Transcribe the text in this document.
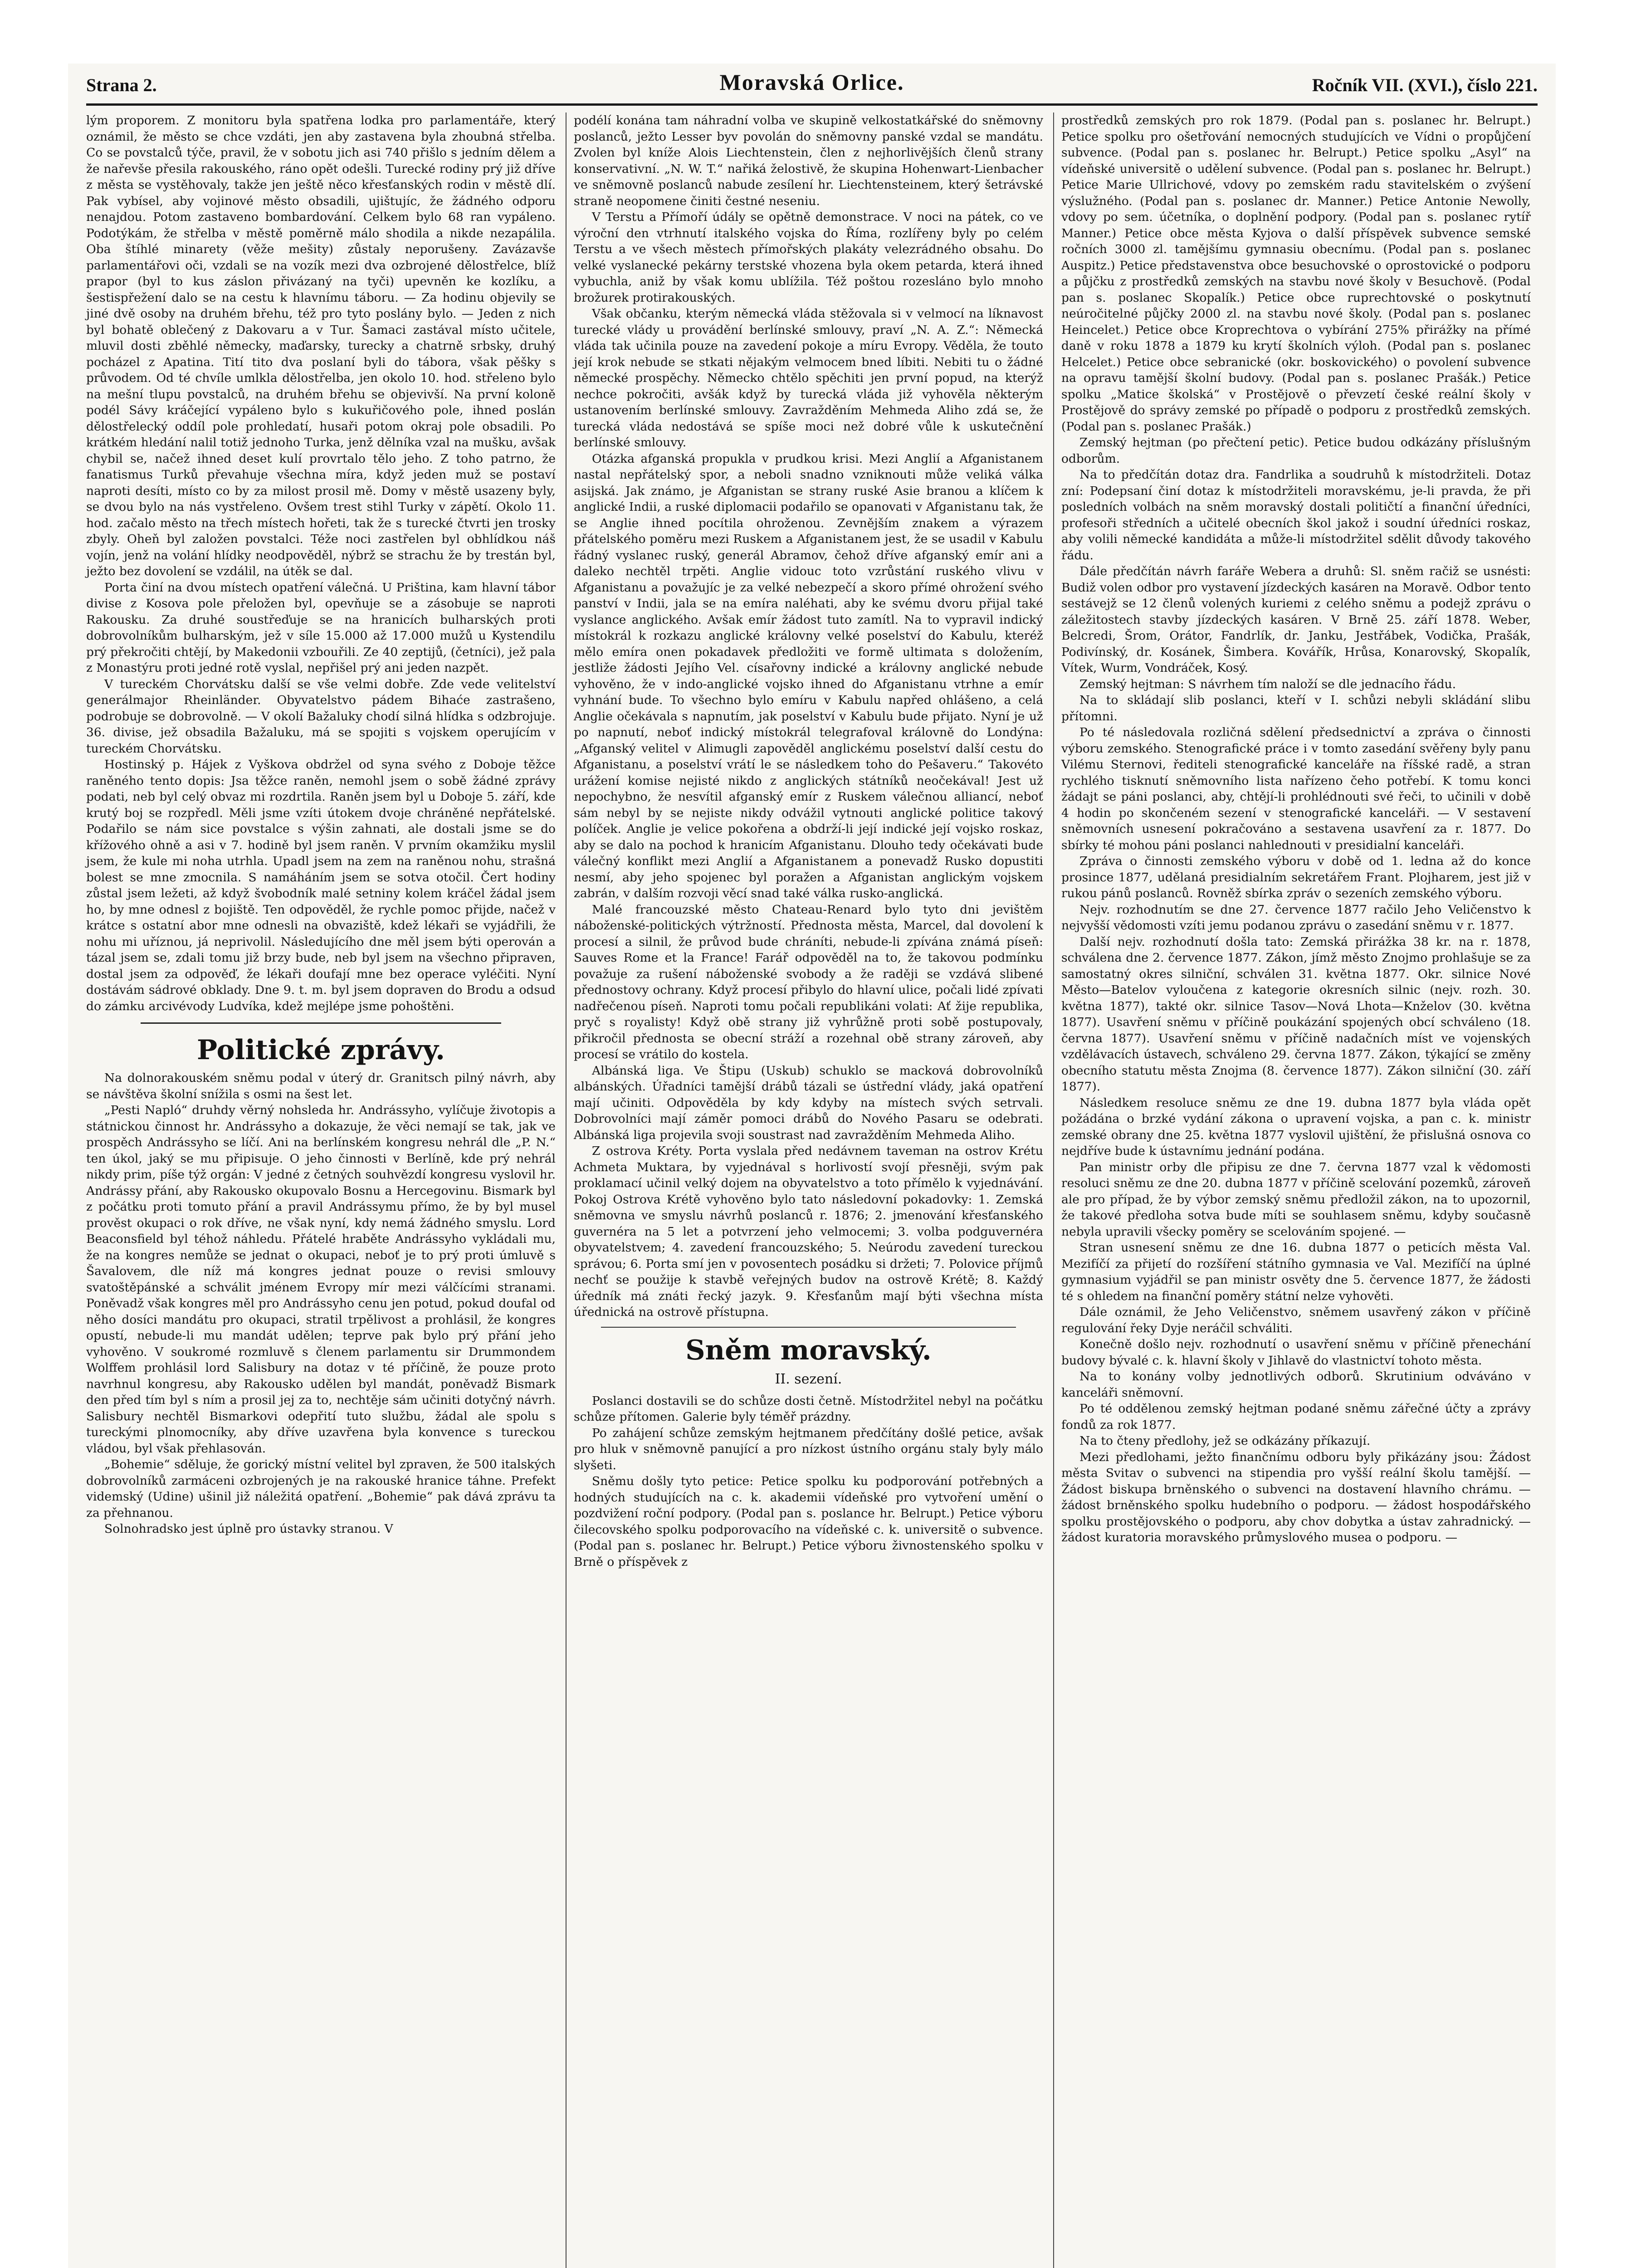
Strana 2.	Moravská Orlice.	Ročník VII. (XVI.), číslo 221.

lým proporem. Z monitoru byla spatřena lodka pro parlamentáře, který oznámil, že město se chce vzdáti, jen aby zastavena byla zhoubná střelba. Co se povstalců týče, pravil, že v sobotu jich asi 740 přišlo s jedním dělem a že nařevše přesila rakouského, ráno opět odešli. Turecké rodiny prý již dříve z města se vystěhovaly, takže jen ještě něco křesťanských rodin v městě dlí. Pak vybísel, aby vojinové město obsadili, ujištujíc, že žádného odporu nenajdou. Potom zastaveno bombardování. Celkem bylo 68 ran vypáleno. Podotýkám, že střelba v městě poměrně málo shodila a nikde nezapálila. Oba štíhlé minarety (věže mešity) zůstaly neporušeny. Zavázavše parlamentářovi oči, vzdali se na vozík mezi dva ozbrojené dělostřelce, blíž prapor (byl to kus záslon přivázaný na tyči) upevněn ke kozlíku, a šestispřežení dalo se na cestu k hlavnímu táboru. — Za hodinu objevily se jiné dvě osoby na druhém břehu, též pro tyto poslány bylo. — Jeden z nich byl bohatě oblečený z Dakovaru a v Tur. Šamaci zastával místo učitele, mluvil dosti zběhlé německy, maďarsky, turecky a chatrně srbsky, druhý pocházel z Apatina. Tití tito dva poslaní byli do tábora, však pěšky s průvodem. Od té chvíle umlkla dělostřelba, jen okolo 10. hod. střeleno bylo na mešní tlupu povstalců, na druhém břehu se objevivší. Na první koloně podél Sávy kráčející vypáleno bylo s kukuřičového pole, ihned poslán dělostřelecký oddíl pole prohledatí, husaři potom okraj pole obsadili. Po krátkém hledání nalil totiž jednoho Turka, jenž dělníka vzal na mušku, avšak chybil se, načež ihned deset kulí provrtalo tělo jeho. Z toho patrno, že fanatismus Turků převahuje všechna míra, když jeden muž se postaví naproti desíti, místo co by za milost prosil mě. Domy v městě usazeny byly, se dvou bylo na nás vystřeleno. Ovšem trest stihl Turky v zápětí. Okolo 11. hod. začalo město na třech místech hořeti, tak že s turecké čtvrti jen trosky zbyly. Oheň byl založen povstalci. Téže noci zastřelen byl obhlídkou náš vojín, jenž na volání hlídky neodpověděl, nýbrž se strachu že by trestán byl, ježto bez dovolení se vzdálil, na útěk se dal.

Porta činí na dvou místech opatření válečná. U Priština, kam hlavní tábor divise z Kosova pole přeložen byl, opevňuje se a zásobuje se naproti Rakousku. Za druhé soustřeďuje se na hranicích bulharských proti dobrovolníkům bulharským, jež v síle 15.000 až 17.000 mužů u Kystendilu prý překročiti chtějí, by Makedonii vzbouřili. Ze 40 zeptijů, (četníci), jež pala z Monastýru proti jedné rotě vyslal, nepřišel prý ani jeden nazpět.

V tureckém Chorvátsku další se vše velmi dobře. Zde vede velitelství generálmajor Rheinländer. Obyvatelstvo pádem Bihaće zastrašeno, podrobuje se dobrovolně. — V okolí Bažaluky chodí silná hlídka s odzbrojuje. 36. divise, jež obsadila Bažaluku, má se spojiti s vojskem operujícím v tureckém Chorvátsku.

Hostinský p. Hájek z Vyškova obdržel od syna svého z Doboje těžce raněného tento dopis: Jsa těžce raněn, nemohl jsem o sobě žádné zprávy podati, neb byl celý obvaz mi rozdrtila. Raněn jsem byl u Doboje 5. září, kde krutý boj se rozpředl. Měli jsme vzíti útokem dvoje chráněné nepřátelské. Podařilo se nám sice povstalce s výšin zahnati, ale dostali jsme se do křížového ohně a asi v 7. hodině byl jsem raněn. V prvním okamžiku myslil jsem, že kule mi noha utrhla. Upadl jsem na zem na raněnou nohu, strašná bolest se mne zmocnila. S namáháním jsem se sotva otočil. Čert hodiny zůstal jsem ležeti, až když švobodník malé setniny kolem kráčel žádal jsem ho, by mne odnesl z bojiště. Ten odpověděl, že rychle pomoc přijde, načež v krátce s ostatní abor mne odnesli na obvaziště, kdež lékaři se vyjádřili, že nohu mi uříznou, já neprivolil. Následujícího dne měl jsem býti operován a tázal jsem se, zdali tomu již brzy bude, neb byl jsem na všechno připraven, dostal jsem za odpověď, že lékaři doufají mne bez operace vyléčiti. Nyní dostávám sádrové obklady. Dne 9. t. m. byl jsem dopraven do Brodu a odsud do zámku arcivévody Ludvíka, kdež mejlépe jsme pohoštěni.

Politické zprávy.

Na dolnorakouském sněmu podal v úterý dr. Granitsch pilný návrh, aby se návštěva školní snížila s osmi na šest let.

„Pesti Napló“ druhdy věrný nohsleda hr. Andrássyho, vylíčuje životopis a státnickou činnost hr. Andrássyho a dokazuje, že věci nemají se tak, jak ve prospěch Andrássyho se líčí. Ani na berlínském kongresu nehrál dle „P. N.“ ten úkol, jaký se mu připisuje. O jeho činnosti v Berlíně, kde prý nehrál nikdy prim, píše týž orgán: V jedné z četných souhvězdí kongresu vyslovil hr. Andrássy přání, aby Rakousko okupovalo Bosnu a Hercegovinu. Bismark byl z počátku proti tomuto přání a pravil Andrássymu přímo, že by byl musel prověst okupaci o rok dříve, ne však nyní, kdy nemá žádného smyslu. Lord Beaconsfield byl téhož náhledu. Přátelé hraběte Andrássyho vykládali mu, že na kongres nemůže se jednat o okupaci, neboť je to prý proti úmluvě s Šavalovem, dle níž má kongres jednat pouze o revisi smlouvy svatoštěpánské a schválit jménem Evropy mír mezi válčícími stranami. Poněvadž však kongres měl pro Andrássyho cenu jen potud, pokud doufal od něho dosíci mandátu pro okupaci, stratil trpělivost a prohlásil, že kongres opustí, nebude-li mu mandát udělen; teprve pak bylo prý přání jeho vyhověno. V soukromé rozmluvě s členem parlamentu sir Drummondem Wolffem prohlásil lord Salisbury na dotaz v té příčině, že pouze proto navrhnul kongresu, aby Rakousko udělen byl mandát, poněvadž Bismark den před tím byl s ním a prosil jej za to, nechtěje sám učiniti dotyčný návrh. Salisbury nechtěl Bismarkovi odepřití tuto službu, žádal ale spolu s tureckými plnomocníky, aby dříve uzavřena byla konvence s tureckou vládou, byl však přehlasován.

„Bohemie“ sděluje, že gorický místní velitel byl zpraven, že 500 italských dobrovolníků zarmáceni ozbrojených je na rakouské hranice táhne. Prefekt videmský (Udine) ušinil již náležitá opatření. „Bohemie“ pak dává zprávu ta za přehnanou.

Solnohradsko jest úplně pro ústavky stranou. V

podélí konána tam náhradní volba ve skupině velkostatkářské do sněmovny poslanců, ježto Lesser byv povolán do sněmovny panské vzdal se mandátu. Zvolen byl kníže Alois Liechtenstein, člen z nejhorlivějších členů strany konservativní. „N. W. T.“ nařiká želostivě, že skupina Hohenwart-Lienbacher ve sněmovně poslanců nabude zesílení hr. Liechtensteinem, který šetrávské straně neopomene činiti čestné neseniu.

V Terstu a Přímoří údály se opětně demonstrace. V noci na pátek, co ve výroční den vtrhnutí italského vojska do Říma, rozlířeny byly po celém Terstu a ve všech městech přímořských plakáty velezrádného obsahu. Do velké vyslanecké pekárny terstské vhozena byla okem petarda, která ihned vybuchla, aniž by však komu ublížila. Též poštou rozesláno bylo mnoho brožurek protirakouských.

Však občanku, kterým německá vláda stěžovala si v velmocí na líknavost turecké vlády u provádění berlínské smlouvy, praví „N. A. Z.“: Německá vláda tak učinila pouze na zavedení pokoje a míru Evropy. Věděla, že touto její krok nebude se stkati nějakým velmocem bned líbiti. Nebiti tu o žádné německé prospěchy. Německo chtělo spěchiti jen první popud, na kterýž nechce pokročiti, avšák když by turecká vláda již vyhověla některým ustanovením berlínské smlouvy. Zavražděním Mehmeda Aliho zdá se, že turecká vláda nedostává se spíše moci než dobré vůle k uskutečnění berlínské smlouvy.

Otázka afganská propukla v prudkou krisi. Mezi Anglií a Afganistanem nastal nepřátelský spor, a neboli snadno vzniknouti může veliká válka asijská. Jak známo, je Afganistan se strany ruské Asie branou a klíčem k anglické Indii, a ruské diplomacii podařilo se opanovati v Afganistanu tak, že se Anglie ihned pocítila ohroženou. Zevnějším znakem a výrazem přátelského poměru mezi Ruskem a Afganistanem jest, že se usadil v Kabulu řádný vyslanec ruský, generál Abramov, čehož dříve afganský emír ani a daleko nechtěl trpěti. Anglie vidouc toto vzrůstání ruského vlivu v Afganistanu a považujíc je za velké nebezpečí a skoro přímé ohrožení svého panství v Indii, jala se na emíra naléhati, aby ke svému dvoru přijal také vyslance anglického. Avšak emír žádost tuto zamítl. Na to vypravil indický místokrál k rozkazu anglické královny velké poselství do Kabulu, kteréž mělo emíra onen pokadavek předložiti ve formě ultimata s doložením, jestliže žádosti Jejího Vel. císařovny indické a královny anglické nebude vyhověno, že v indo-anglické vojsko ihned do Afganistanu vtrhne a emír vyhnání bude. To všechno bylo emíru v Kabulu napřed ohlášeno, a celá Anglie očekávala s napnutím, jak poselství v Kabulu bude přijato. Nyní je už po napnutí, neboť indický místokrál telegrafoval královně do Londýna: „Afganský velitel v Alimugli zapověděl anglickému poselství další cestu do Afganistanu, a poselství vrátí le se následkem toho do Pešaveru.“ Takovéto urážení komise nejisté nikdo z anglických státníků neočekával! Jest už nepochybno, že nesvítil afganský emír z Ruskem válečnou alliancí, neboť sám nebyl by se nejiste nikdy odvážil vytnouti anglické politice takový políček. Anglie je velice pokořena a obdrží-li její indické její vojsko roskaz, aby se dalo na pochod k hranicím Afganistanu. Dlouho tedy očekávati bude válečný konflikt mezi Anglií a Afganistanem a ponevadž Rusko dopustiti nesmí, aby jeho spojenec byl poražen a Afganistan anglickým vojskem zabrán, v dalším rozvoji věcí snad také válka rusko-anglická.

Malé francouzské město Chateau-Renard bylo tyto dni jevištěm náboženské-politických výtržností. Přednosta města, Marcel, dal dovolení k procesí a silnil, že průvod bude chráníti, nebude-li zpívána známá píseň: Sauves Rome et la France! Farář odpověděl na to, že takovou podmínku považuje za rušení náboženské svobody a že raději se vzdává slibené přednostovy ochrany. Když procesí přibylo do hlavní ulice, počali lidé zpívati nadřečenou píseň. Naproti tomu počali republikáni volati: Ať žije republika, pryč s royalisty! Když obě strany již vyhrůžně proti sobě postupovaly, přikročil přednosta se obecní stráží a rozehnal obě strany zároveň, aby procesí se vrátilo do kostela.

Albánská liga. Ve Štipu (Uskub) schuklo se macková dobrovolníků albánských. Úřadníci tamější drábů tázali se ústřední vlády, jaká opatření mají učiniti. Odpověděla by kdy kdyby na místech svých setrvali. Dobrovolníci mají záměr pomoci drábů do Nového Pasaru se odebrati. Albánská liga projevila svoji soustrast nad zavražděním Mehmeda Aliho.

Z ostrova Kréty. Porta vyslala před nedávnem taveman na ostrov Krétu Achmeta Muktara, by vyjednával s horlivostí svojí přesněji, svým pak proklamací učinil velký dojem na obyvatelstvo a toto přímělo k vyjednávání. Pokoj Ostrova Krétě vyhověno bylo tato následovní pokadovky: 1. Zemská sněmovna ve smyslu návrhů poslanců r. 1876; 2. jmenování křesťanského guvernéra na 5 let a potvrzení jeho velmocemi; 3. volba podguvernéra obyvatelstvem; 4. zavedení francouzského; 5. Neúrodu zavedení tureckou správou; 6. Porta smí jen v povosentech posádku si držeti; 7. Polovice příjmů nechť se použije k stavbě veřejných budov na ostrově Krétě; 8. Každý úředník má znáti řecký jazyk. 9. Křesťanům mají býti všechna místa úřednická na ostrově přístupna.

Sněm moravský.
II. sezení.

Poslanci dostavili se do schůze dosti četně. Místodržitel nebyl na počátku schůze přítomen. Galerie byly téměř prázdny.

Po zahájení schůze zemským hejtmanem předčítány došlé petice, avšak pro hluk v sněmovně panující a pro nízkost ústního orgánu staly byly málo slyšeti.

Sněmu došly tyto petice: Petice spolku ku podporování potřebných a hodných studujících na c. k. akademii vídeňské pro vytvoření umění o pozdvižení roční podpory. (Podal pan s. poslance hr. Belrupt.) Petice výboru čilecovského spolku podporovacího na vídeňské c. k. universitě o subvence. (Podal pan s. poslanec hr. Belrupt.) Petice výboru živnostenského spolku v Brně o příspěvek z

prostředků zemských pro rok 1879. (Podal pan s. poslanec hr. Belrupt.) Petice spolku pro ošetřování nemocných studujících ve Vídni o propůjčení subvence. (Podal pan s. poslanec hr. Belrupt.) Petice spolku „Asyl“ na vídeňské universitě o udělení subvence. (Podal pan s. poslanec hr. Belrupt.) Petice Marie Ullrichové, vdovy po zemském radu stavitelském o zvýšení výslužného. (Podal pan s. poslanec dr. Manner.) Petice Antonie Newolly, vdovy po sem. účetníka, o doplnění podpory. (Podal pan s. poslanec rytíř Manner.) Petice obce města Kyjova o další příspěvek subvence semské ročních 3000 zl. tamějšímu gymnasiu obecnímu. (Podal pan s. poslanec Auspitz.) Petice představenstva obce besuchovské o oprostovické o podporu a půjčku z prostředků zemských na stavbu nové školy v Besuchově. (Podal pan s. poslanec Skopalík.) Petice obce ruprechtovské o poskytnutí neúročitelné půjčky 2000 zl. na stavbu nové školy. (Podal pan s. poslanec Heincelet.) Petice obce Kroprechtova o vybírání 275% přirážky na přímé daně v roku 1878 a 1879 ku krytí školních výloh. (Podal pan s. poslanec Helcelet.) Petice obce sebranické (okr. boskovického) o povolení subvence na opravu tamější školní budovy. (Podal pan s. poslanec Prašák.) Petice spolku „Matice školská“ v Prostějově o převzetí české reální školy v Prostějově do správy zemské po případě o podporu z prostředků zemských. (Podal pan s. poslanec Prašák.)

Zemský hejtman (po přečtení petic). Petice budou odkázány příslušným odborům.

Na to předčítán dotaz dra. Fandrlika a soudruhů k místodržiteli. Dotaz zní: Podepsaní činí dotaz k místodržiteli moravskému, je-li pravda, že při posledních volbách na sněm moravský dostali političtí a finanční úředníci, profesoři středních a učitelé obecních škol jakož i soudní úředníci roskaz, aby volili německé kandidáta a může-li místodržitel sdělit důvody takového řádu.

Dále předčítán návrh faráře Webera a druhů: Sl. sněm račiž se usnésti: Budiž volen odbor pro vystavení jízdeckých kasáren na Moravě. Odbor tento sestávejž se 12 členů volených kuriemi z celého sněmu a podejž zprávu o záležitostech stavby jízdeckých kasáren. V Brně 25. září 1878. Weber, Belcredi, Šrom, Orátor, Fandrlík, dr. Janku, Jestřábek, Vodička, Prašák, Podivínský, dr. Kosánek, Šimbera. Kovářík, Hrůsa, Konarovský, Skopalík, Vítek, Wurm, Vondráček, Kosý.

Zemský hejtman: S návrhem tím naloží se dle jednacího řádu.

Na to skládají slib poslanci, kteří v I. schůzi nebyli skládání slibu přítomni.

Po té následovala rozličná sdělení předsednictví a zpráva o činnosti výboru zemského. Stenografické práce i v tomto zasedání svěřeny byly panu Vilému Sternovi, řediteli stenografické kanceláře na říšské radě, a stran rychlého tisknutí sněmovního lista nařízeno čeho potřebí. K tomu konci žádajt se páni poslanci, aby, chtějí-li prohlédnouti své řeči, to učinili v době 4 hodin po skončeném sezení v stenografické kanceláři. — V sestavení sněmovních usnesení pokračováno a sestavena usavření za r. 1877. Do sbírky té mohou páni poslanci nahlednouti v presidialní kanceláři.

Zpráva o činnosti zemského výboru v době od 1. ledna až do konce prosince 1877, udělaná presidialním sekretářem Frant. Plojharem, jest již v rukou pánů poslanců. Rovněž sbírka zpráv o sezeních zemského výboru.

Nejv. rozhodnutím se dne 27. července 1877 račilo Jeho Veličenstvo k nejvyšší vědomosti vzíti jemu podanou zprávu o zasedání sněmu v r. 1877.

Další nejv. rozhodnutí došla tato: Zemská přirážka 38 kr. na r. 1878, schválena dne 2. července 1877. Zákon, jímž město Znojmo prohlašuje se za samostatný okres silniční, schválen 31. května 1877. Okr. silnice Nové Město—Batelov vyloučena z kategorie okresních silnic (nejv. rozh. 30. května 1877), takté okr. silnice Tasov—Nová Lhota—Knželov (30. května 1877). Usavření sněmu v příčině poukázání spojených obcí schváleno (18. června 1877). Usavření sněmu v příčině nadačních míst ve vojenských vzdělávacích ústavech, schváleno 29. června 1877. Zákon, týkající se změny obecního statutu města Znojma (8. července 1877). Zákon silniční (30. září 1877).

Následkem resoluce sněmu ze dne 19. dubna 1877 byla vláda opět požádána o brzké vydání zákona o upravení vojska, a pan c. k. ministr zemské obrany dne 25. května 1877 vyslovil ujištění, že přislušná osnova co nejdříve bude k ústavnímu jednání podána.

Pan ministr orby dle připisu ze dne 7. června 1877 vzal k vědomosti resoluci sněmu ze dne 20. dubna 1877 v příčině scelování pozemků, zároveň ale pro případ, že by výbor zemský sněmu předložil zákon, na to upozornil, že takové předloha sotva bude míti se souhlasem sněmu, kdyby současně nebyla upravili všecky poměry se scelováním spojené. —

Stran usnesení sněmu ze dne 16. dubna 1877 o peticích města Val. Mezifíčí za přijetí do rozšíření státního gymnasia ve Val. Mezifíčí na úplné gymnasium vyjádřil se pan ministr osvěty dne 5. července 1877, že žádosti té s ohledem na finanční poměry státní nelze vyhověti.

Dále oznámil, že Jeho Veličenstvo, sněmem usavřený zákon v příčině regulování řeky Dyje neráčil schváliti.

Konečně došlo nejv. rozhodnutí o usavření sněmu v příčině přenechání budovy bývalé c. k. hlavní školy v Jihlavě do vlastnictví tohoto města.

Na to konány volby jednotlivých odborů. Skrutinium odváváno v kanceláři sněmovní.

Po té oddělenou zemský hejtman podané sněmu zářečné účty a zprávy fondů za rok 1877.

Na to čteny předlohy, jež se odkázány příkazují.

Mezi předlohami, ježto finančnímu odboru byly přikázány jsou: Žádost města Svitav o subvenci na stipendia pro vyšší reální školu tamější. — Žádost biskupa brněnského o subvenci na dostavení hlavního chrámu. — žádost brněnského spolku hudebního o podporu. — žádost hospodářského spolku prostějovského o podporu, aby chov dobytka a ústav zahradnický. — žádost kuratoria moravského průmyslového musea o podporu. —
